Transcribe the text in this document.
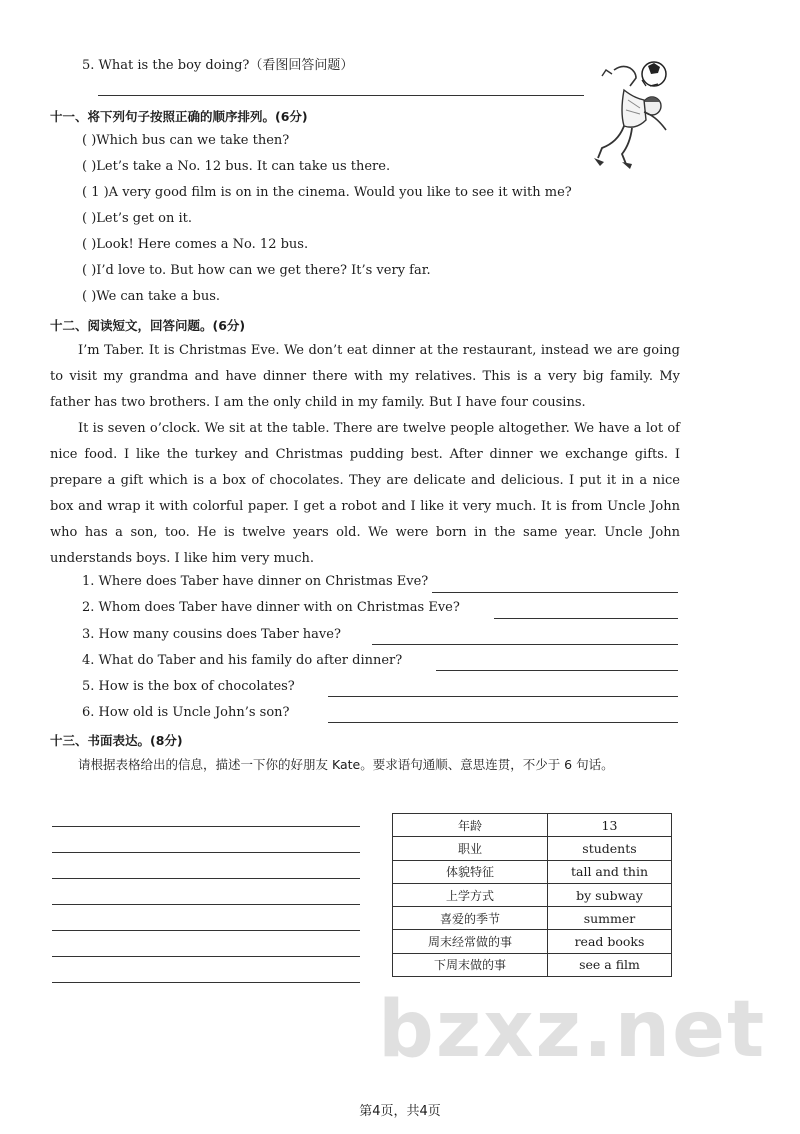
5. What is the boy doing?（看图回答问题）
十一、将下列句子按照正确的顺序排列。(6分)
( )Which bus can we take then?
( )Let’s take a No. 12 bus. It can take us there.
( 1 )A very good film is on in the cinema. Would you like to see it with me?
( )Let’s get on it.
( )Look! Here comes a No. 12 bus.
( )I’d love to. But how can we get there? It’s very far.
( )We can take a bus.
十二、阅读短文，回答问题。(6分)

I’m Taber. It is Christmas Eve. We don’t eat dinner at the restaurant, instead we are going to visit my grandma and have dinner there with my relatives. This is a very big family. My father has two brothers. I am the only child in my family. But I have four cousins.

It is seven o’clock. We sit at the table. There are twelve people altogether. We have a lot of nice food. I like the turkey and Christmas pudding best. After dinner we exchange gifts. I prepare a gift which is a box of chocolates. They are delicate and delicious. I put it in a nice box and wrap it with colorful paper. I get a robot and I like it very much. It is from Uncle John who has a son, too. He is twelve years old. We were born in the same year. Uncle John understands boys. I like him very much.

1. Where does Taber have dinner on Christmas Eve?
2. Whom does Taber have dinner with on Christmas Eve?
3. How many cousins does Taber have?
4. What do Taber and his family do after dinner?
5. How is the box of chocolates?
6. How old is Uncle John’s son?
十三、书面表达。(8分)
请根据表格给出的信息，描述一下你的好朋友 Kate。要求语句通顺、意思连贯，不少于 6 句话。
年龄	13
职业	students
体貌特征	tall and thin
上学方式	by subway
喜爱的季节	summer
周末经常做的事	read books
下周末做的事	see a film
bzxz.net
第4页，共4页
